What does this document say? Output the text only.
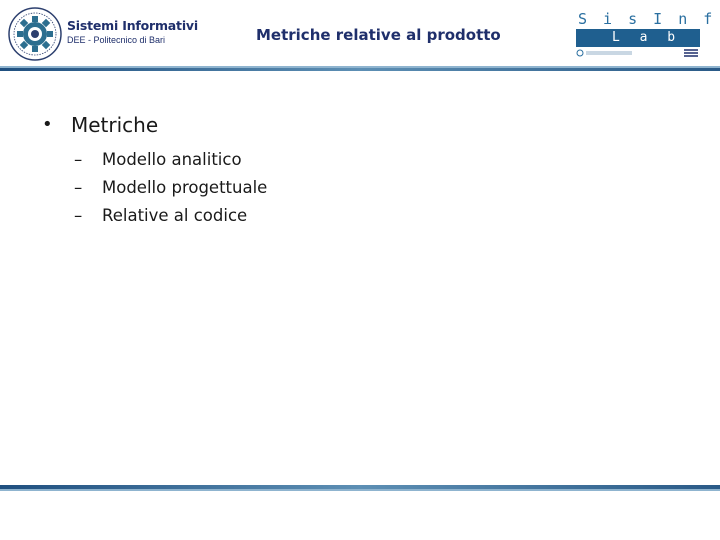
Sistemi Informativi
DEE - Politecnico di Bari	Metriche relative al prodotto
S i s I n f
L a b
• Metriche
– Modello analitico
– Modello progettuale
– Relative al codice
